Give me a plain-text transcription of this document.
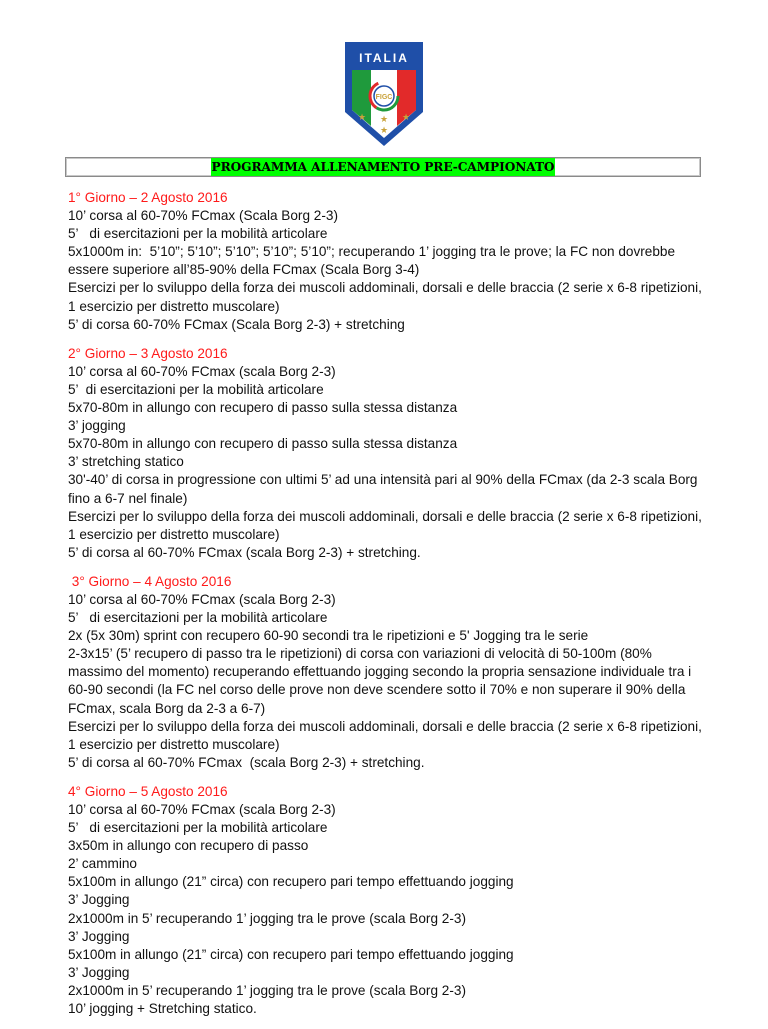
ITALIA
FIGC
★ ★ ★
★
PROGRAMMA ALLENAMENTO PRE-CAMPIONATO
1° Giorno – 2 Agosto 2016
10’ corsa al 60-70% FCmax (Scala Borg 2-3)
5’   di esercitazioni per la mobilità articolare
5x1000m in:  5’10”; 5’10”; 5’10”; 5’10”; 5’10”; recuperando 1’ jogging tra le prove; la FC non dovrebbe essere superiore all’85-90% della FCmax (Scala Borg 3-4)
Esercizi per lo sviluppo della forza dei muscoli addominali, dorsali e delle braccia (2 serie x 6-8 ripetizioni, 1 esercizio per distretto muscolare)
5’ di corsa 60-70% FCmax (Scala Borg 2-3) + stretching
2° Giorno – 3 Agosto 2016
10’ corsa al 60-70% FCmax (scala Borg 2-3)
5’  di esercitazioni per la mobilità articolare
5x70-80m in allungo con recupero di passo sulla stessa distanza
3’ jogging
5x70-80m in allungo con recupero di passo sulla stessa distanza
3’ stretching statico
30'-40’ di corsa in progressione con ultimi 5’ ad una intensità pari al 90% della FCmax (da 2-3 scala Borg fino a 6-7 nel finale)
Esercizi per lo sviluppo della forza dei muscoli addominali, dorsali e delle braccia (2 serie x 6-8 ripetizioni, 1 esercizio per distretto muscolare)
5’ di corsa al 60-70% FCmax (scala Borg 2-3) + stretching.
3° Giorno – 4 Agosto 2016
10’ corsa al 60-70% FCmax (scala Borg 2-3)
5’   di esercitazioni per la mobilità articolare
2x (5x 30m) sprint con recupero 60-90 secondi tra le ripetizioni e 5' Jogging tra le serie
2-3x15’ (5’ recupero di passo tra le ripetizioni) di corsa con variazioni di velocità di 50-100m (80% massimo del momento) recuperando effettuando jogging secondo la propria sensazione individuale tra i 60-90 secondi (la FC nel corso delle prove non deve scendere sotto il 70% e non superare il 90% della FCmax, scala Borg da 2-3 a 6-7)
Esercizi per lo sviluppo della forza dei muscoli addominali, dorsali e delle braccia (2 serie x 6-8 ripetizioni, 1 esercizio per distretto muscolare)
5’ di corsa al 60-70% FCmax  (scala Borg 2-3) + stretching.
4° Giorno – 5 Agosto 2016
10’ corsa al 60-70% FCmax (scala Borg 2-3)
5’   di esercitazioni per la mobilità articolare
3x50m in allungo con recupero di passo
2’ cammino
5x100m in allungo (21” circa) con recupero pari tempo effettuando jogging
3’ Jogging
2x1000m in 5’ recuperando 1’ jogging tra le prove (scala Borg 2-3)
3’ Jogging
5x100m in allungo (21” circa) con recupero pari tempo effettuando jogging
3’ Jogging
2x1000m in 5’ recuperando 1’ jogging tra le prove (scala Borg 2-3)
10’ jogging + Stretching statico.
